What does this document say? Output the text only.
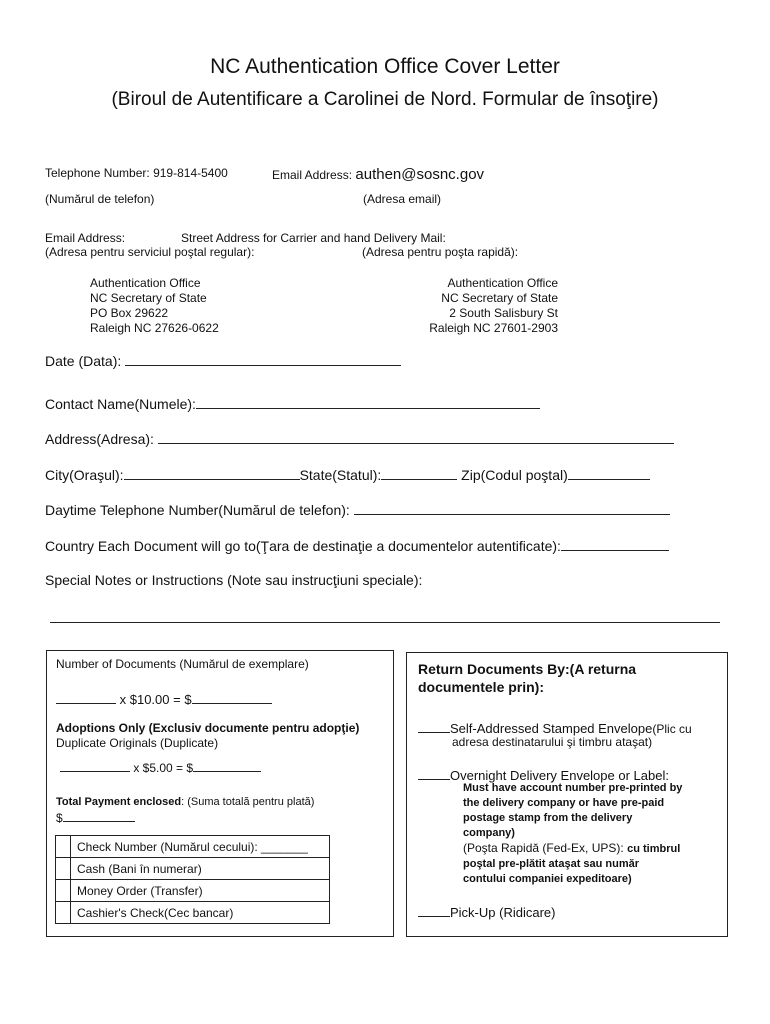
NC Authentication Office Cover Letter
(Biroul de Autentificare a Carolinei de Nord. Formular de însoţire)
Telephone Number: 919-814-5400	Email Address: authen@sosnc.gov
(Numărul de telefon)	(Adresa email)
Email Address:	Street Address for Carrier and hand Delivery Mail:
(Adresa pentru serviciul poştal regular):	(Adresa pentru poşta rapidă):
Authentication Office
NC Secretary of State
PO Box 29622
Raleigh NC 27626-0622
Authentication Office
NC Secretary of State
2 South Salisbury St
Raleigh NC 27601-2903
Date (Data):
Contact Name(Numele):
Address(Adresa):
City(Oraşul):	State(Statul):	Zip(Codul poştal)
Daytime Telephone Number(Numărul de telefon):
Country Each Document will go to(Ţara de destinaţie a documentelor autentificate):
Special Notes or Instructions (Note sau instrucţiuni speciale):
Number of Documents (Numărul de exemplare)
x $10.00 = $
Adoptions Only (Exclusiv documente pentru adopţie)
Duplicate Originals (Duplicate)
x $5.00 = $
Total Payment enclosed: (Suma totală pentru plată)
$
	Check Number (Numărul cecului): _______
	Cash (Bani în numerar)
	Money Order (Transfer)
	Cashier's Check(Cec bancar)
Return Documents By:(A returna
documentele prin):
Self-Addressed Stamped Envelope(Plic cu
adresa destinatarului şi timbru ataşat)
Overnight Delivery Envelope or Label:
Must have account number pre-printed by
the delivery company or have pre-paid
postage stamp from the delivery
company)
(Poşta Rapidă (Fed-Ex, UPS): cu timbrul
poştal pre-plătit ataşat sau număr
contului companiei expeditoare)
Pick-Up (Ridicare)
